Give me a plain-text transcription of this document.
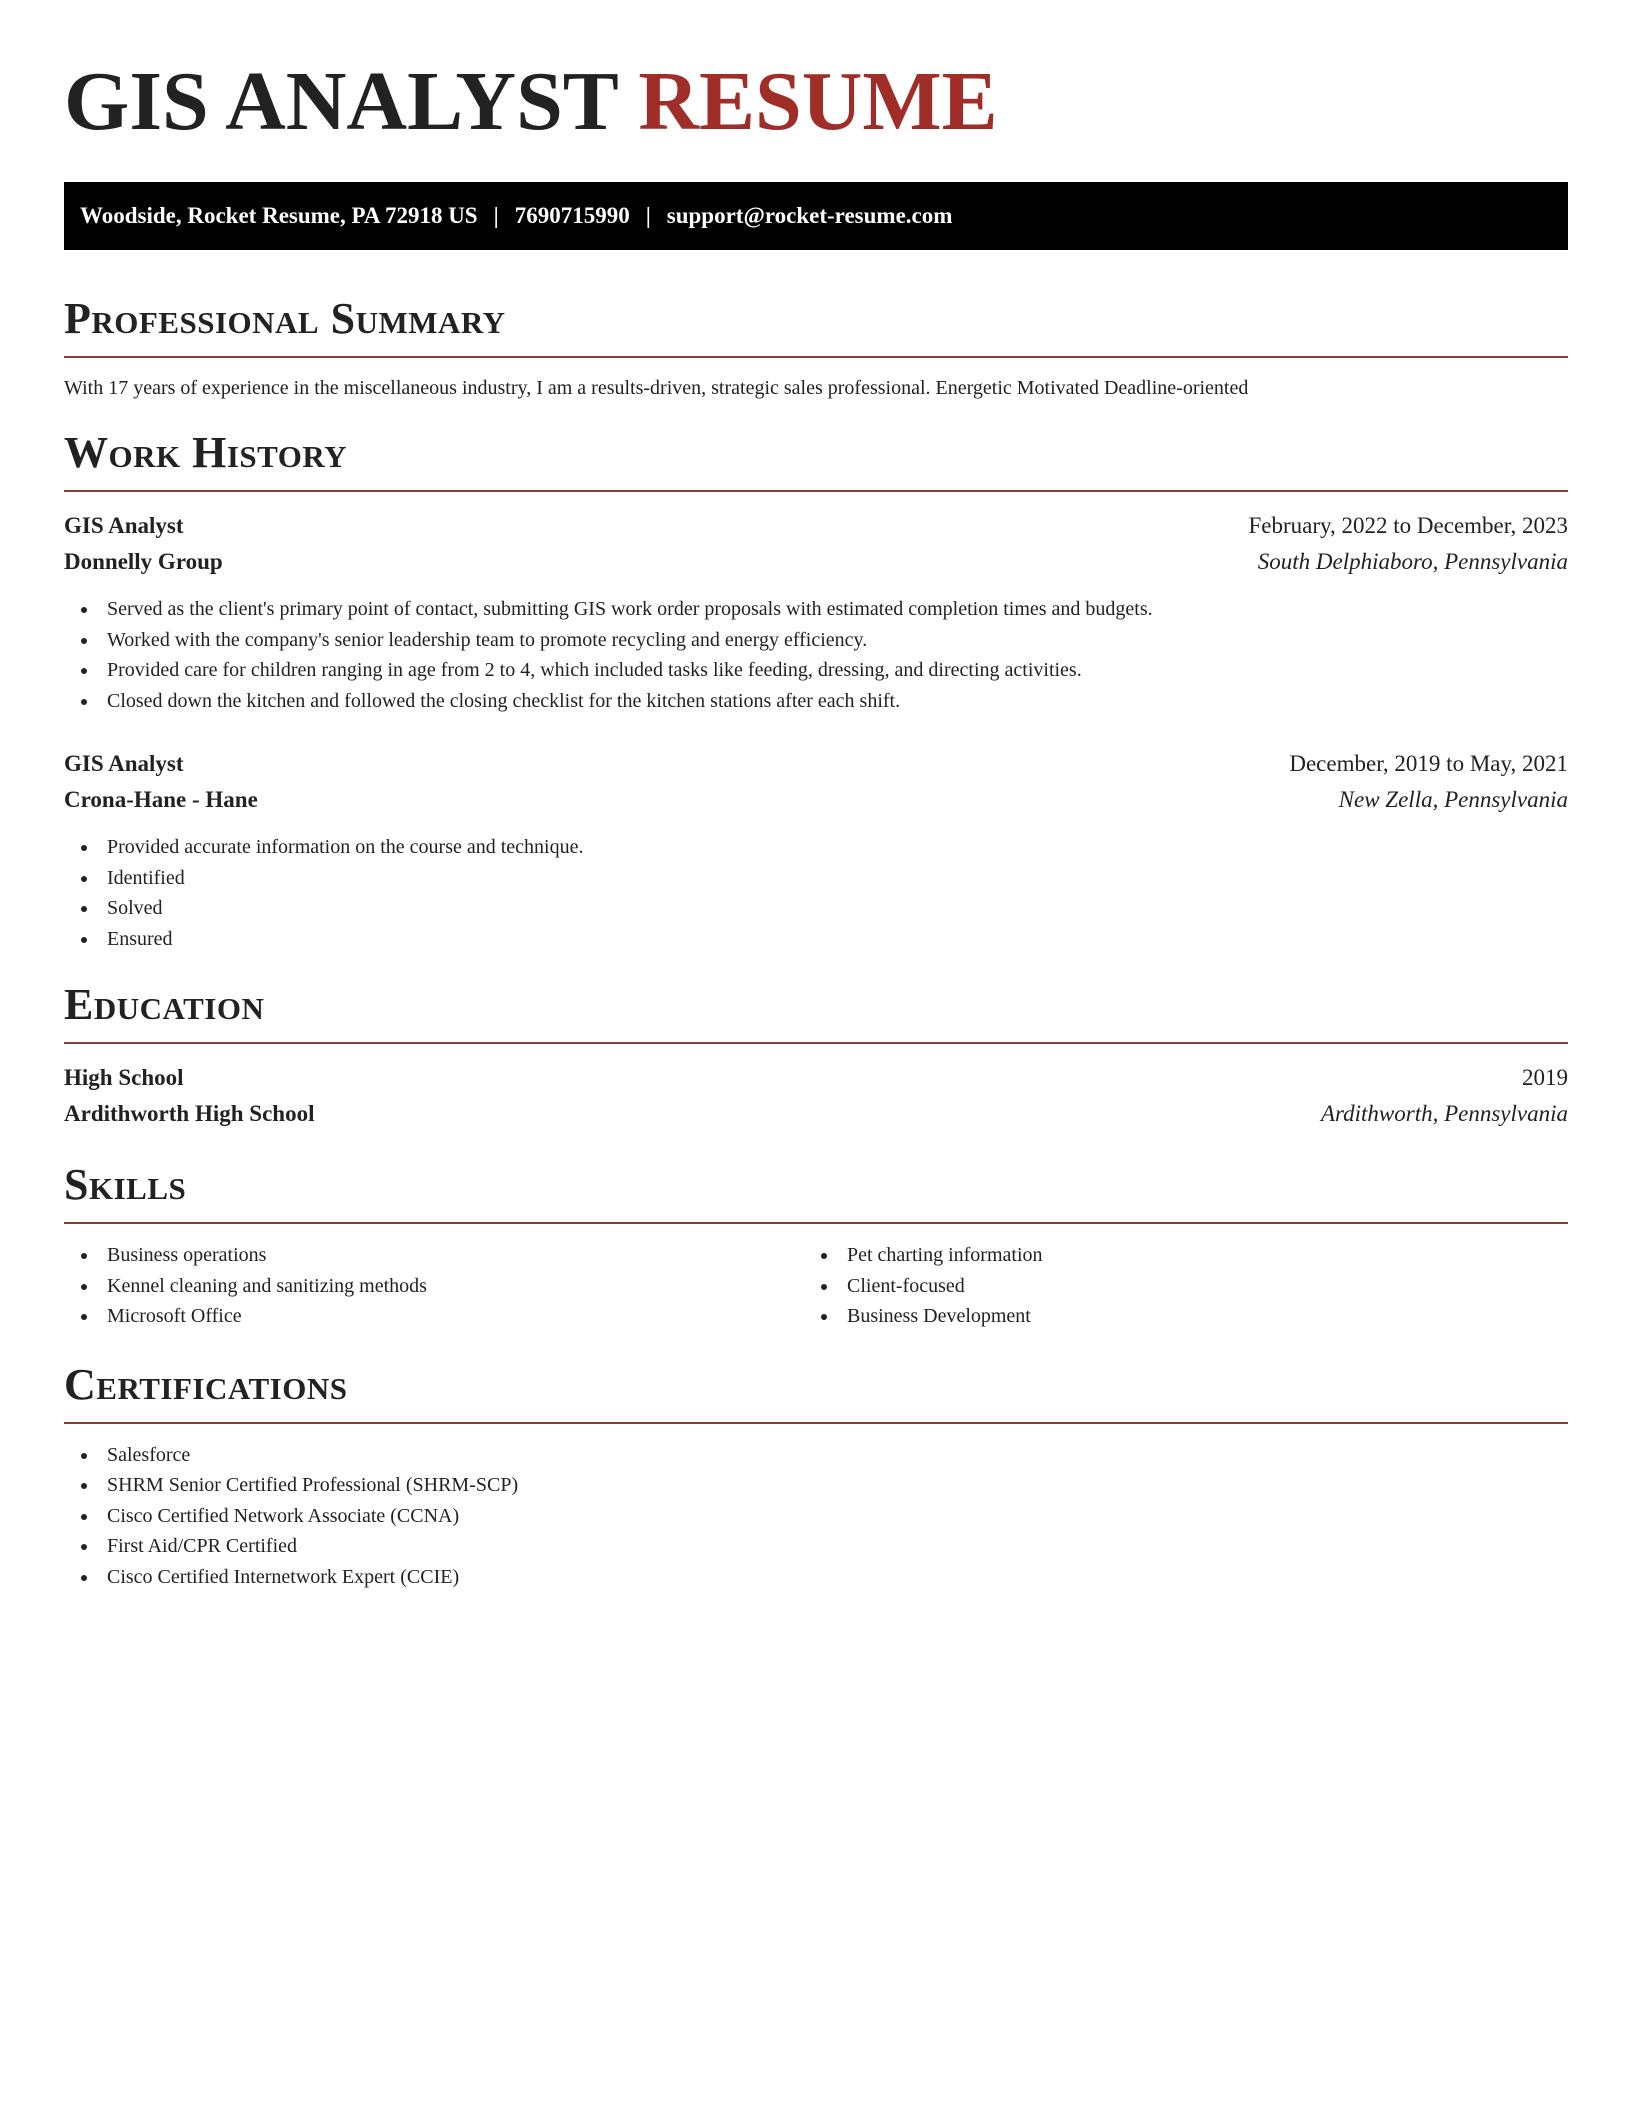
GIS ANALYST RESUME
Woodside, Rocket Resume, PA 72918 US | 7690715990 | support@rocket-resume.com
Professional Summary
With 17 years of experience in the miscellaneous industry, I am a results-driven, strategic sales professional. Energetic Motivated Deadline-oriented
Work History
GIS Analyst	February, 2022 to December, 2023
Donnelly Group	South Delphiaboro, Pennsylvania
Served as the client's primary point of contact, submitting GIS work order proposals with estimated completion times and budgets.
Worked with the company's senior leadership team to promote recycling and energy efficiency.
Provided care for children ranging in age from 2 to 4, which included tasks like feeding, dressing, and directing activities.
Closed down the kitchen and followed the closing checklist for the kitchen stations after each shift.
GIS Analyst	December, 2019 to May, 2021
Crona-Hane - Hane	New Zella, Pennsylvania
Provided accurate information on the course and technique.
Identified
Solved
Ensured
Education
High School	2019
Ardithworth High School	Ardithworth, Pennsylvania
Skills
Business operations
Kennel cleaning and sanitizing methods
Microsoft Office
Pet charting information
Client-focused
Business Development
Certifications
Salesforce
SHRM Senior Certified Professional (SHRM-SCP)
Cisco Certified Network Associate (CCNA)
First Aid/CPR Certified
Cisco Certified Internetwork Expert (CCIE)
